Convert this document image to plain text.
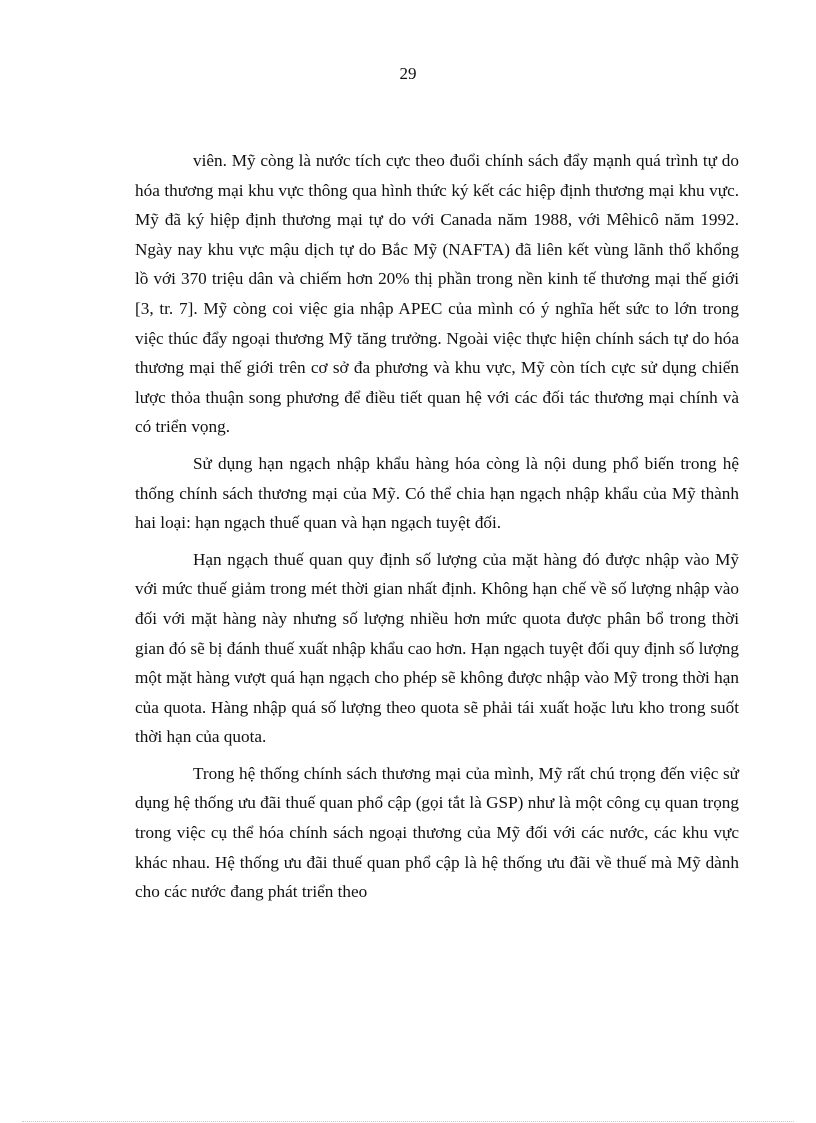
29

viên. Mỹ còng là nước tích cực theo đuổi chính sách đẩy mạnh quá trình tự do hóa thương mại khu vực thông qua hình thức ký kết các hiệp định thương mại khu vực. Mỹ đã ký hiệp định thương mại tự do với Canada năm 1988, với Mêhicô năm 1992. Ngày nay khu vực mậu dịch tự do Bắc Mỹ (NAFTA) đã liên kết vùng lãnh thổ khổng lồ với 370 triệu dân và chiếm hơn 20% thị phần trong nền kinh tế thương mại thế giới [3, tr. 7]. Mỹ còng coi việc gia nhập APEC của mình có ý nghĩa hết sức to lớn trong việc thúc đẩy ngoại thương Mỹ tăng trưởng. Ngoài việc thực hiện chính sách tự do hóa thương mại thế giới trên cơ sở đa phương và khu vực, Mỹ còn tích cực sử dụng chiến lược thỏa thuận song phương để điều tiết quan hệ với các đối tác thương mại chính và có triển vọng.

Sử dụng hạn ngạch nhập khẩu hàng hóa còng là nội dung phổ biến trong hệ thống chính sách thương mại của Mỹ. Có thể chia hạn ngạch nhập khẩu của Mỹ thành hai loại: hạn ngạch thuế quan và hạn ngạch tuyệt đối.

Hạn ngạch thuế quan quy định số lượng của mặt hàng đó được nhập vào Mỹ với mức thuế giảm trong mét thời gian nhất định. Không hạn chế về số lượng nhập vào đối với mặt hàng này nhưng số lượng nhiều hơn mức quota được phân bổ trong thời gian đó sẽ bị đánh thuế xuất nhập khẩu cao hơn. Hạn ngạch tuyệt đối quy định số lượng một mặt hàng vượt quá hạn ngạch cho phép sẽ không được nhập vào Mỹ trong thời hạn của quota. Hàng nhập quá số lượng theo quota sẽ phải tái xuất hoặc lưu kho trong suốt thời hạn của quota.

Trong hệ thống chính sách thương mại của mình, Mỹ rất chú trọng đến việc sử dụng hệ thống ưu đãi thuế quan phổ cập (gọi tắt là GSP) như là một công cụ quan trọng trong việc cụ thể hóa chính sách ngoại thương của Mỹ đối với các nước, các khu vực khác nhau. Hệ thống ưu đãi thuế quan phổ cập là hệ thống ưu đãi về thuế mà Mỹ dành cho các nước đang phát triển theo
